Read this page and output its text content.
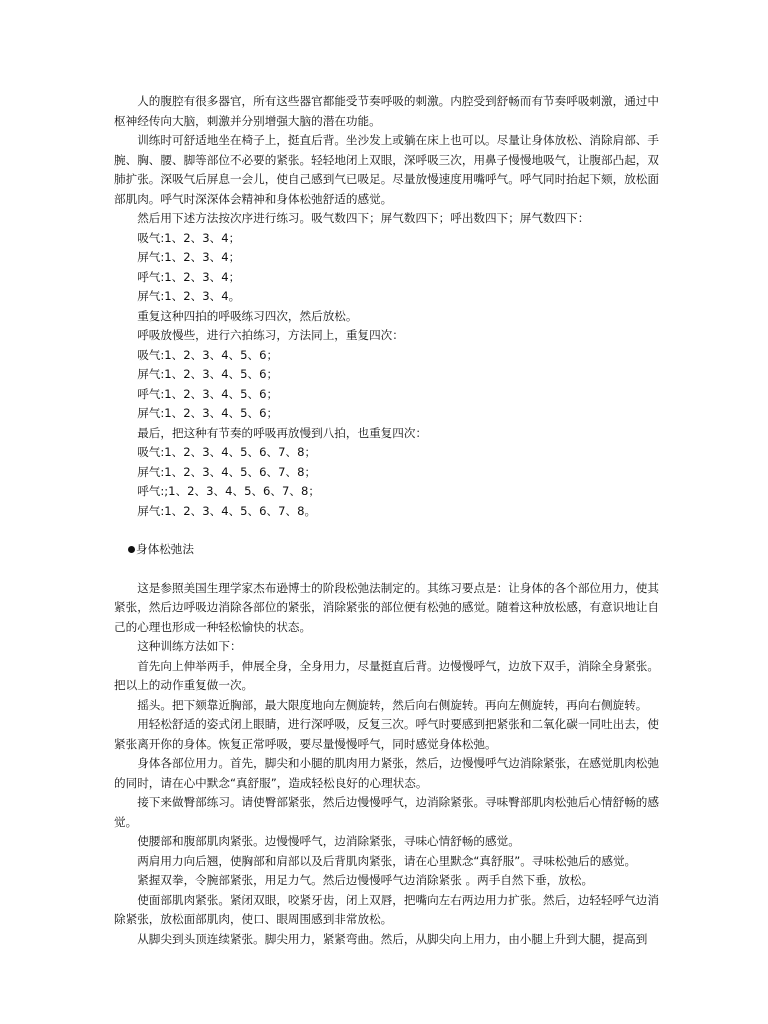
人的腹腔有很多器官，所有这些器官都能受节奏呼吸的刺激。内腔受到舒畅而有节奏呼吸刺激，通过中枢神经传向大脑，刺激并分别增强大脑的潜在功能。

训练时可舒适地坐在椅子上，挺直后背。坐沙发上或躺在床上也可以。尽量让身体放松、消除肩部、手腕、胸、腰、脚等部位不必要的紧张。轻轻地闭上双眼，深呼吸三次，用鼻子慢慢地吸气，让腹部凸起，双肺扩张。深吸气后屏息一会儿，使自己感到气已吸足。尽量放慢速度用嘴呼气。呼气同时抬起下颏，放松面部肌肉。呼气时深深体会精神和身体松弛舒适的感觉。

然后用下述方法按次序进行练习。吸气数四下；屏气数四下；呼出数四下；屏气数四下：

吸气:1、2、3、4；

屏气:1、2、3、4；

呼气:1、2、3、4；

屏气:1、2、3、4。

重复这种四拍的呼吸练习四次，然后放松。

呼吸放慢些，进行六拍练习，方法同上，重复四次：

吸气:1、2、3、4、5、6；

屏气:1、2、3、4、5、6；

呼气:1、2、3、4、5、6；

屏气:1、2、3、4、5、6；

最后，把这种有节奏的呼吸再放慢到八拍，也重复四次：

吸气:1、2、3、4、5、6、7、8；

屏气:1、2、3、4、5、6、7、8；

呼气:;1、2、3、4、5、6、7、8；

屏气:1、2、3、4、5、6、7、8。

身体松弛法

这是参照美国生理学家杰布逊博士的阶段松弛法制定的。其练习要点是：让身体的各个部位用力，使其紧张，然后边呼吸边消除各部位的紧张，消除紧张的部位便有松弛的感觉。随着这种放松感，有意识地让自己的心理也形成一种轻松愉快的状态。

这种训练方法如下：

首先向上伸举两手，伸展全身，全身用力，尽量挺直后背。边慢慢呼气，边放下双手，消除全身紧张。把以上的动作重复做一次。

摇头。把下颏靠近胸部，最大限度地向左侧旋转，然后向右侧旋转。再向左侧旋转，再向右侧旋转。

用轻松舒适的姿式闭上眼睛，进行深呼吸，反复三次。呼气时要感到把紧张和二氧化碳一同吐出去，使紧张离开你的身体。恢复正常呼吸，要尽量慢慢呼气，同时感觉身体松弛。

身体各部位用力。首先，脚尖和小腿的肌肉用力紧张，然后，边慢慢呼气边消除紧张，在感觉肌肉松弛的同时，请在心中默念“真舒服”，造成轻松良好的心理状态。

接下来做臀部练习。请使臀部紧张，然后边慢慢呼气，边消除紧张。寻味臀部肌肉松弛后心情舒畅的感觉。

使腰部和腹部肌肉紧张。边慢慢呼气，边消除紧张，寻味心情舒畅的感觉。

两肩用力向后翘，使胸部和肩部以及后背肌肉紧张，请在心里默念“真舒服”。寻味松弛后的感觉。

紧握双拳，令腕部紧张，用足力气。然后边慢慢呼气边消除紧张 。两手自然下垂，放松。

使面部肌肉紧张。紧闭双眼，咬紧牙齿，闭上双唇，把嘴向左右两边用力扩张。然后，边轻轻呼气边消除紧张，放松面部肌肉，使口、眼周围感到非常放松。

从脚尖到头顶连续紧张。脚尖用力，紧紧弯曲。然后，从脚尖向上用力，由小腿上升到大腿，提高到
